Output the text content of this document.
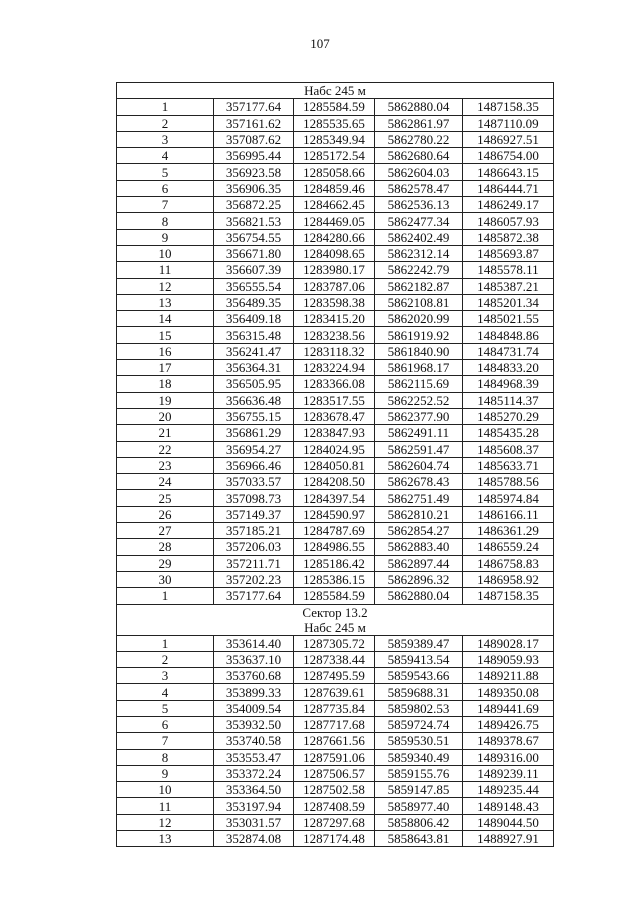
107
Набс 245 м				

1	357177.64	1285584.59	5862880.04	1487158.35
2	357161.62	1285535.65	5862861.97	1487110.09
3	357087.62	1285349.94	5862780.22	1486927.51
4	356995.44	1285172.54	5862680.64	1486754.00
5	356923.58	1285058.66	5862604.03	1486643.15
6	356906.35	1284859.46	5862578.47	1486444.71
7	356872.25	1284662.45	5862536.13	1486249.17
8	356821.53	1284469.05	5862477.34	1486057.93
9	356754.55	1284280.66	5862402.49	1485872.38
10	356671.80	1284098.65	5862312.14	1485693.87
11	356607.39	1283980.17	5862242.79	1485578.11
12	356555.54	1283787.06	5862182.87	1485387.21
13	356489.35	1283598.38	5862108.81	1485201.34
14	356409.18	1283415.20	5862020.99	1485021.55
15	356315.48	1283238.56	5861919.92	1484848.86
16	356241.47	1283118.32	5861840.90	1484731.74
17	356364.31	1283224.94	5861968.17	1484833.20
18	356505.95	1283366.08	5862115.69	1484968.39
19	356636.48	1283517.55	5862252.52	1485114.37
20	356755.15	1283678.47	5862377.90	1485270.29
21	356861.29	1283847.93	5862491.11	1485435.28
22	356954.27	1284024.95	5862591.47	1485608.37
23	356966.46	1284050.81	5862604.74	1485633.71
24	357033.57	1284208.50	5862678.43	1485788.56
25	357098.73	1284397.54	5862751.49	1485974.84
26	357149.37	1284590.97	5862810.21	1486166.11
27	357185.21	1284787.69	5862854.27	1486361.29
28	357206.03	1284986.55	5862883.40	1486559.24
29	357211.71	1285186.42	5862897.44	1486758.83
30	357202.23	1285386.15	5862896.32	1486958.92
1	357177.64	1285584.59	5862880.04	1487158.35

Сектор 13.2
Набс 245 м				

1	353614.40	1287305.72	5859389.47	1489028.17
2	353637.10	1287338.44	5859413.54	1489059.93
3	353760.68	1287495.59	5859543.66	1489211.88
4	353899.33	1287639.61	5859688.31	1489350.08
5	354009.54	1287735.84	5859802.53	1489441.69
6	353932.50	1287717.68	5859724.74	1489426.75
7	353740.58	1287661.56	5859530.51	1489378.67
8	353553.47	1287591.06	5859340.49	1489316.00
9	353372.24	1287506.57	5859155.76	1489239.11
10	353364.50	1287502.58	5859147.85	1489235.44
11	353197.94	1287408.59	5858977.40	1489148.43
12	353031.57	1287297.68	5858806.42	1489044.50
13	352874.08	1287174.48	5858643.81	1488927.91
